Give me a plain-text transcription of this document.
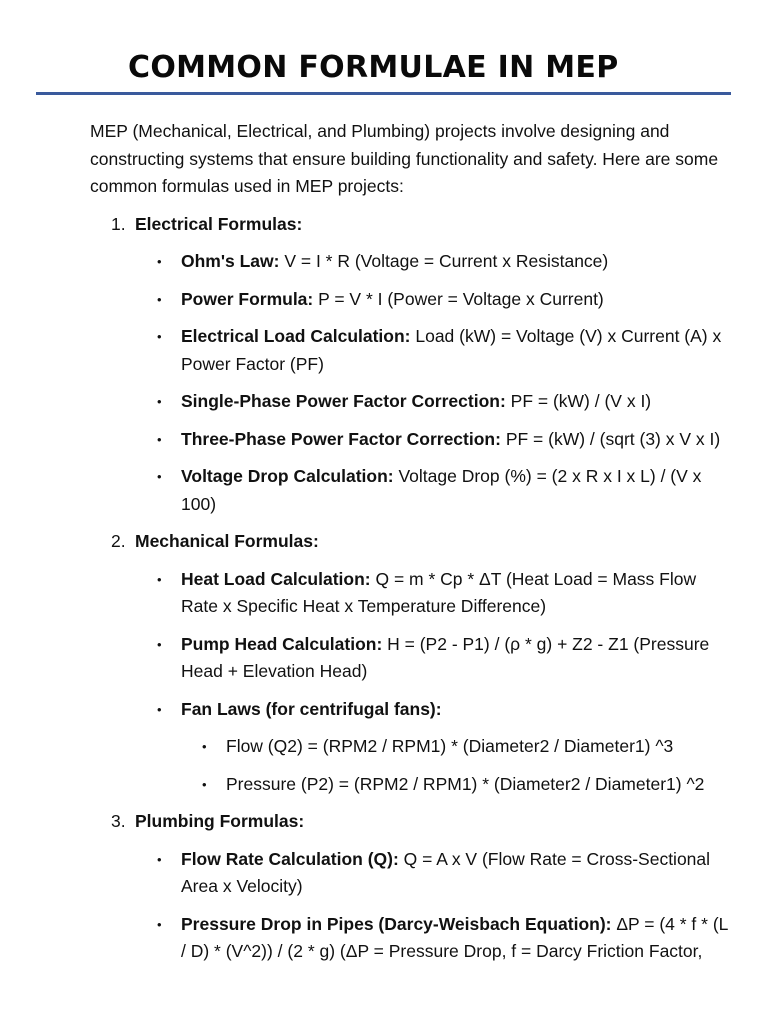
COMMON FORMULAE IN MEP

MEP (Mechanical, Electrical, and Plumbing) projects involve designing and constructing systems that ensure building functionality and safety. Here are some common formulas used in MEP projects:

1. Electrical Formulas:
• Ohm's Law: V = I * R (Voltage = Current x Resistance)
• Power Formula: P = V * I (Power = Voltage x Current)
• Electrical Load Calculation: Load (kW) = Voltage (V) x Current (A) x Power Factor (PF)
• Single-Phase Power Factor Correction: PF = (kW) / (V x I)
• Three-Phase Power Factor Correction: PF = (kW) / (sqrt (3) x V x I)
• Voltage Drop Calculation: Voltage Drop (%) = (2 x R x I x L) / (V x 100)
2. Mechanical Formulas:
• Heat Load Calculation: Q = m * Cp * ΔT (Heat Load = Mass Flow Rate x Specific Heat x Temperature Difference)
• Pump Head Calculation: H = (P2 - P1) / (ρ * g) + Z2 - Z1 (Pressure Head + Elevation Head)
• Fan Laws (for centrifugal fans):
• Flow (Q2) = (RPM2 / RPM1) * (Diameter2 / Diameter1) ^3
• Pressure (P2) = (RPM2 / RPM1) * (Diameter2 / Diameter1) ^2
3. Plumbing Formulas:
• Flow Rate Calculation (Q): Q = A x V (Flow Rate = Cross-Sectional Area x Velocity)
• Pressure Drop in Pipes (Darcy-Weisbach Equation): ΔP = (4 * f * (L / D) * (V^2)) / (2 * g) (ΔP = Pressure Drop, f = Darcy Friction Factor,
